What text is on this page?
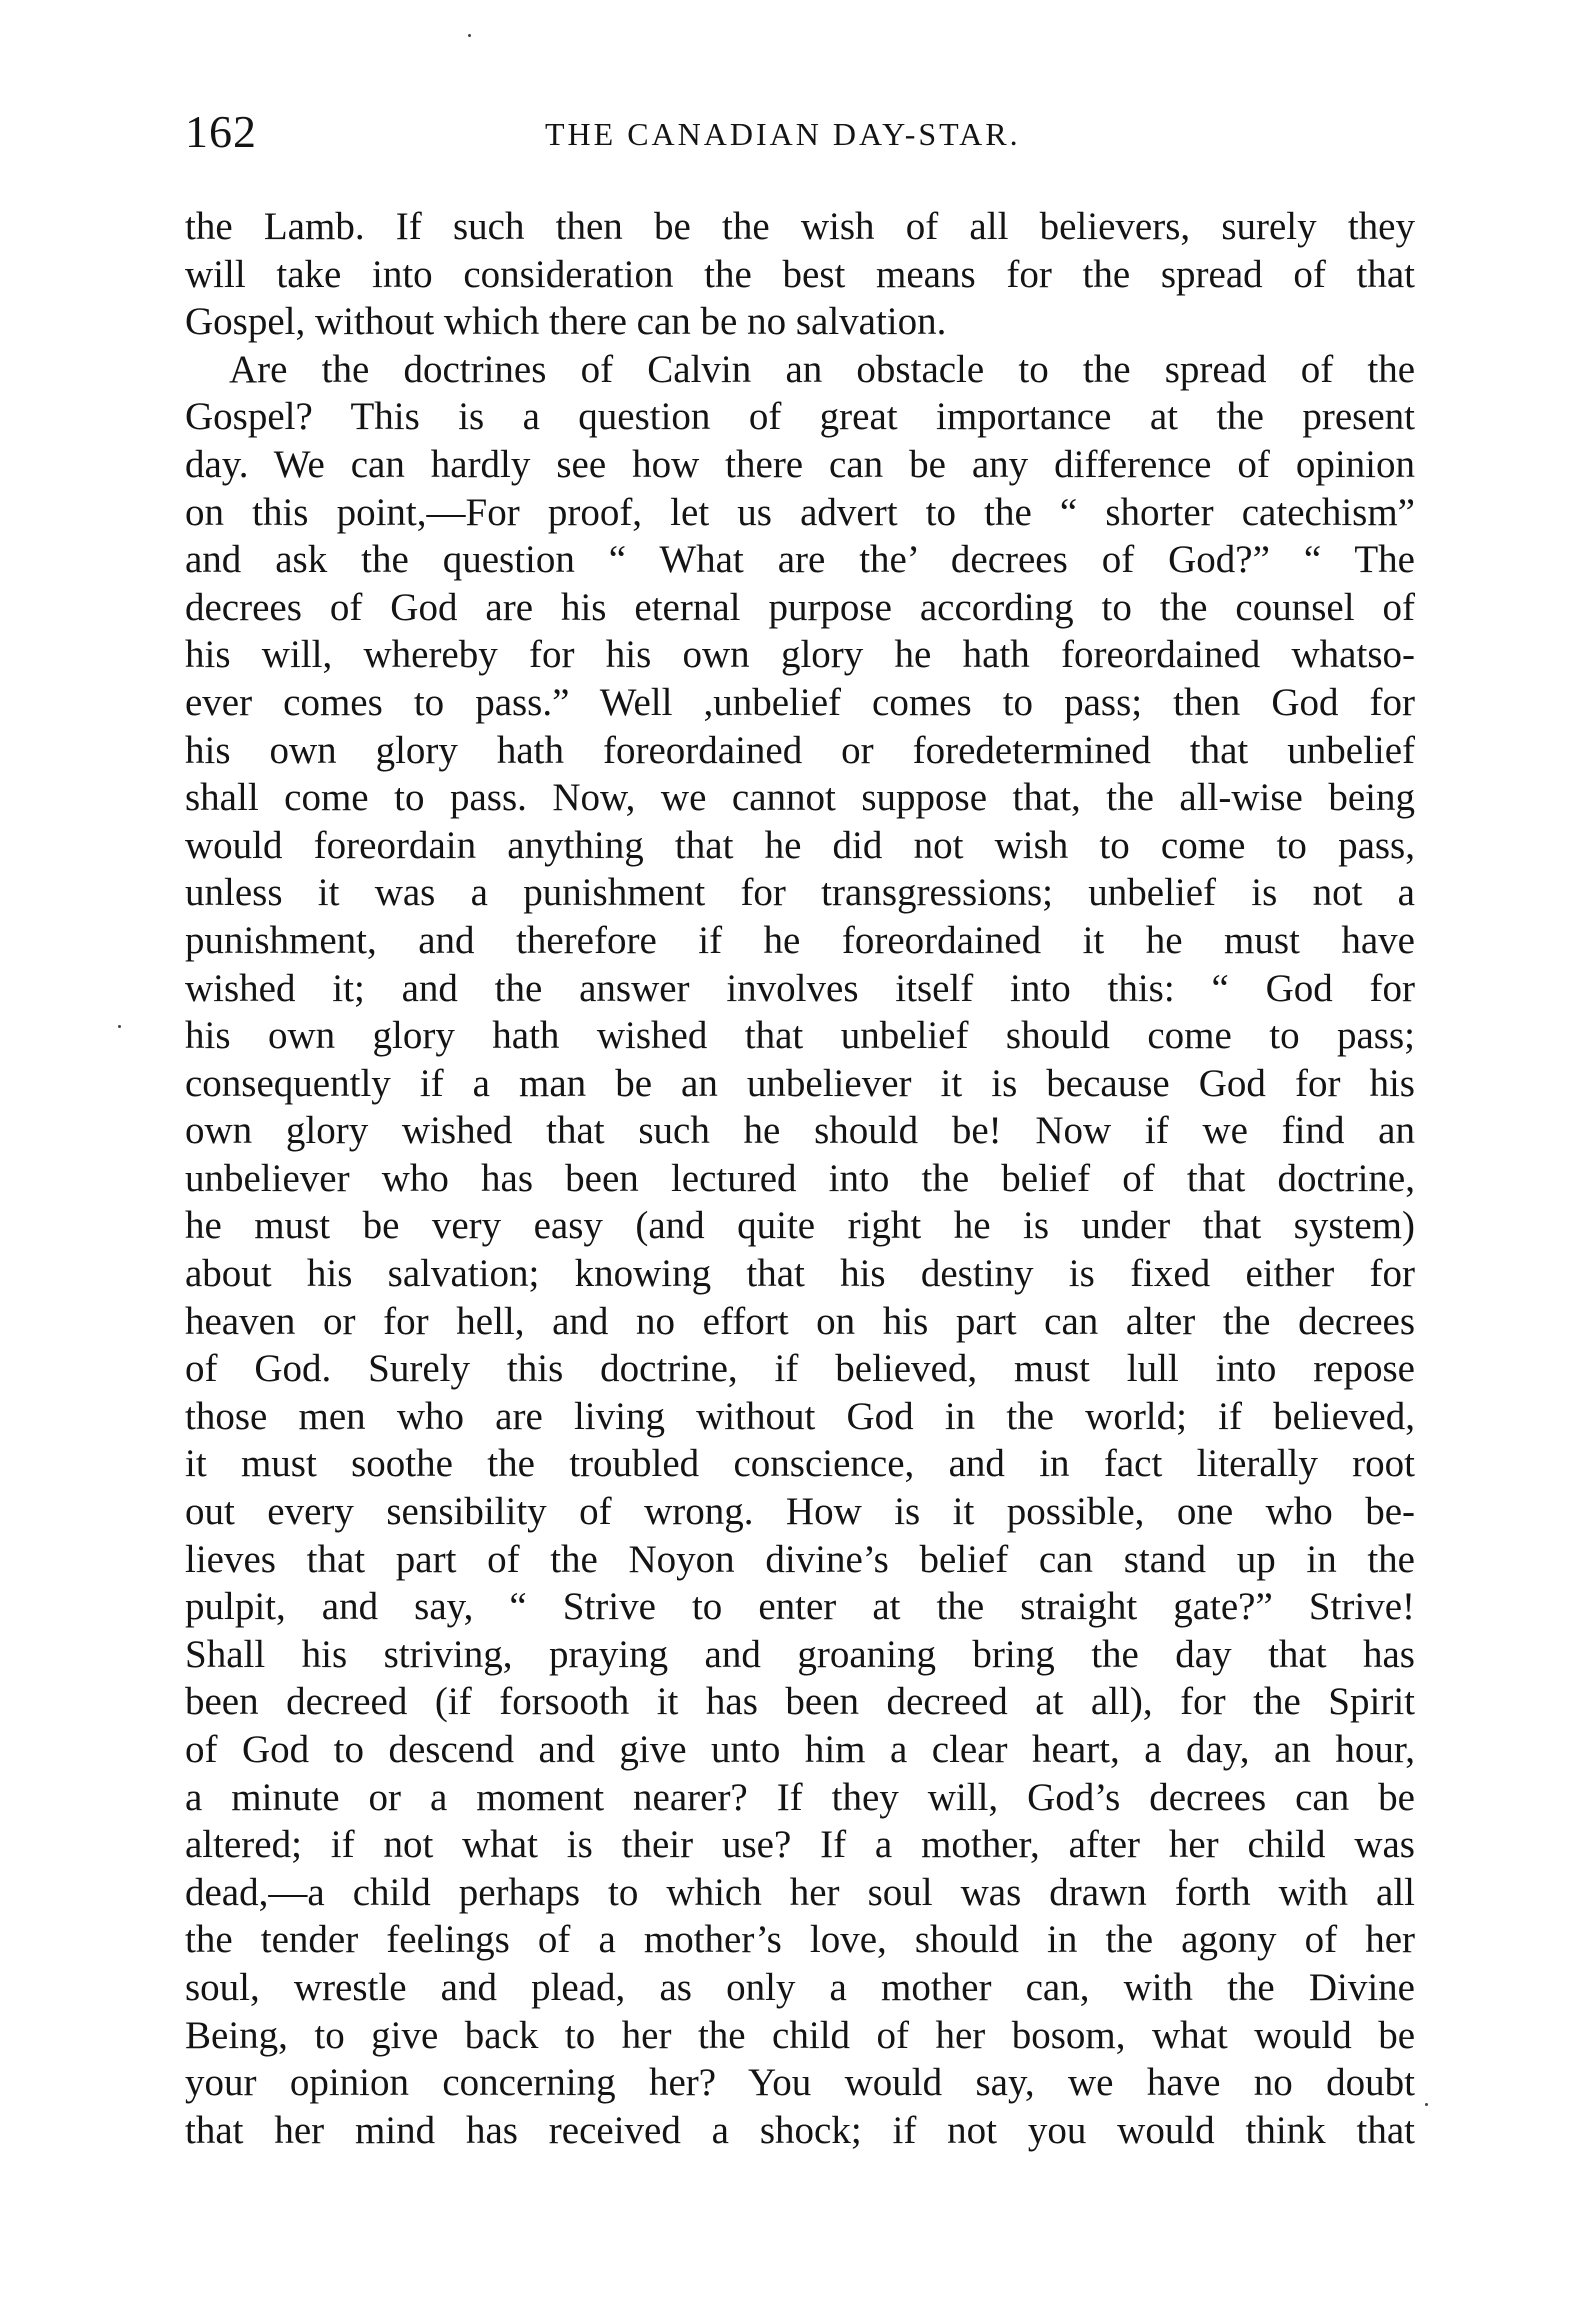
162	THE CANADIAN DAY-STAR.
the Lamb. If such then be the wish of all believers, surely they
will take into consideration the best means for the spread of that
Gospel, without which there can be no salvation.
Are the doctrines of Calvin an obstacle to the spread of the
Gospel? This is a question of great importance at the present
day. We can hardly see how there can be any difference of opinion
on this point,—For proof, let us advert to the “ shorter catechism”
and ask the question “ What are the’ decrees of God?” “ The
decrees of God are his eternal purpose according to the counsel of
his will, whereby for his own glory he hath foreordained whatso-
ever comes to pass.” Well ,unbelief comes to pass; then God for
his own glory hath foreordained or foredetermined that unbelief
shall come to pass. Now, we cannot suppose that, the all-wise being
would foreordain anything that he did not wish to come to pass,
unless it was a punishment for transgressions; unbelief is not a
punishment, and therefore if he foreordained it he must have
wished it; and the answer involves itself into this: “ God for
his own glory hath wished that unbelief should come to pass;
consequently if a man be an unbeliever it is because God for his
own glory wished that such he should be! Now if we find an
unbeliever who has been lectured into the belief of that doctrine,
he must be very easy (and quite right he is under that system)
about his salvation; knowing that his destiny is fixed either for
heaven or for hell, and no effort on his part can alter the decrees
of God. Surely this doctrine, if believed, must lull into repose
those men who are living without God in the world; if believed,
it must soothe the troubled conscience, and in fact literally root
out every sensibility of wrong. How is it possible, one who be-
lieves that part of the Noyon divine’s belief can stand up in the
pulpit, and say, “ Strive to enter at the straight gate?” Strive!
Shall his striving, praying and groaning bring the day that has
been decreed (if forsooth it has been decreed at all), for the Spirit
of God to descend and give unto him a clear heart, a day, an hour,
a minute or a moment nearer? If they will, God’s decrees can be
altered; if not what is their use? If a mother, after her child was
dead,—a child perhaps to which her soul was drawn forth with all
the tender feelings of a mother’s love, should in the agony of her
soul, wrestle and plead, as only a mother can, with the Divine
Being, to give back to her the child of her bosom, what would be
your opinion concerning her? You would say, we have no doubt
that her mind has received a shock; if not you would think that
